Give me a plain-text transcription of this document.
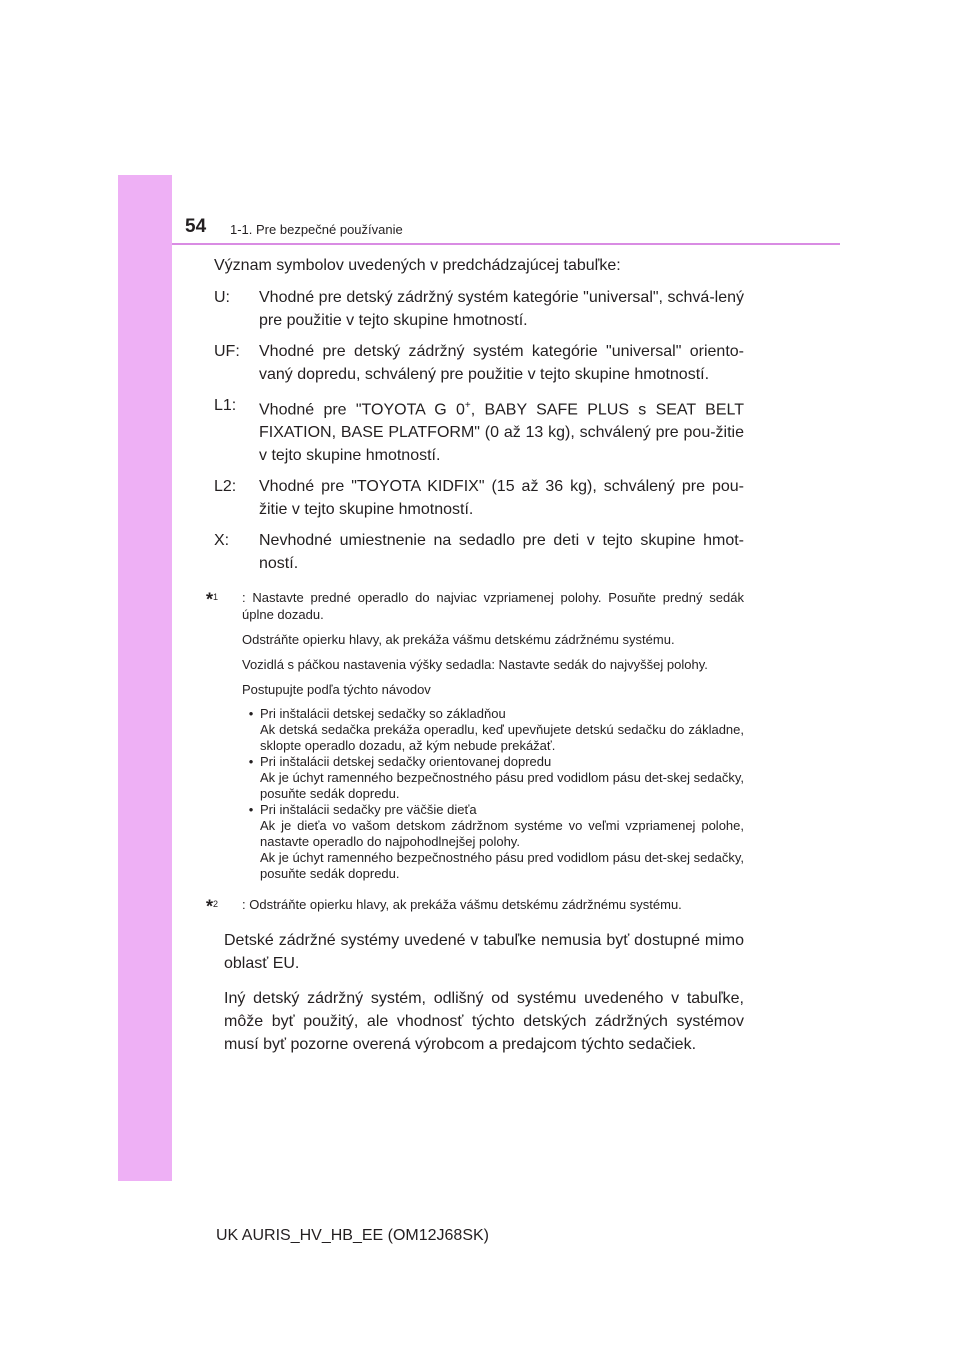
54 1-1. Pre bezpečné používanie
Význam symbolov uvedených v predchádzajúcej tabuľke:
U:	Vhodné pre detský zádržný systém kategórie "universal", schvá-lený pre použitie v tejto skupine hmotností.
UF:	Vhodné pre detský zádržný systém kategórie "universal" oriento-vaný dopredu, schválený pre použitie v tejto skupine hmotností.
L1:	Vhodné pre "TOYOTA G 0+, BABY SAFE PLUS s SEAT BELT FIXATION, BASE PLATFORM" (0 až 13 kg), schválený pre pou-žitie v tejto skupine hmotností.
L2:	Vhodné pre "TOYOTA KIDFIX" (15 až 36 kg), schválený pre pou-žitie v tejto skupine hmotností.
X:	Nevhodné umiestnenie na sedadlo pre deti v tejto skupine hmot-ností.
*$^1$	: Nastavte predné operadlo do najviac vzpriamenej polohy. Posuňte predný sedák úplne dozadu.
Odstráňte opierku hlavy, ak prekáža vášmu detskému zádržnému systému.
Vozidlá s páčkou nastavenia výšky sedadla: Nastavte sedák do najvyššej polohy.
Postupujte podľa týchto návodov
• Pri inštalácii detskej sedačky so základňou
Ak detská sedačka prekáža operadlu, keď upevňujete detskú sedačku do základne, sklopte operadlo dozadu, až kým nebude prekážať.
• Pri inštalácii detskej sedačky orientovanej dopredu
Ak je úchyt ramenného bezpečnostného pásu pred vodidlom pásu det-skej sedačky, posuňte sedák dopredu.
• Pri inštalácii sedačky pre väčšie dieťa
Ak je dieťa vo vašom detskom zádržnom systéme vo veľmi vzpriamenej polohe, nastavte operadlo do najpohodlnejšej polohy.
Ak je úchyt ramenného bezpečnostného pásu pred vodidlom pásu det-skej sedačky, posuňte sedák dopredu.
*$^2$	: Odstráňte opierku hlavy, ak prekáža vášmu detskému zádržnému systému.
Detské zádržné systémy uvedené v tabuľke nemusia byť dostupné mimo oblasť EU.
Iný detský zádržný systém, odlišný od systému uvedeného v tabuľke, môže byť použitý, ale vhodnosť týchto detských zádržných systémov musí byť pozorne overená výrobcom a predajcom týchto sedačiek.
UK AURIS_HV_HB_EE (OM12J68SK)
